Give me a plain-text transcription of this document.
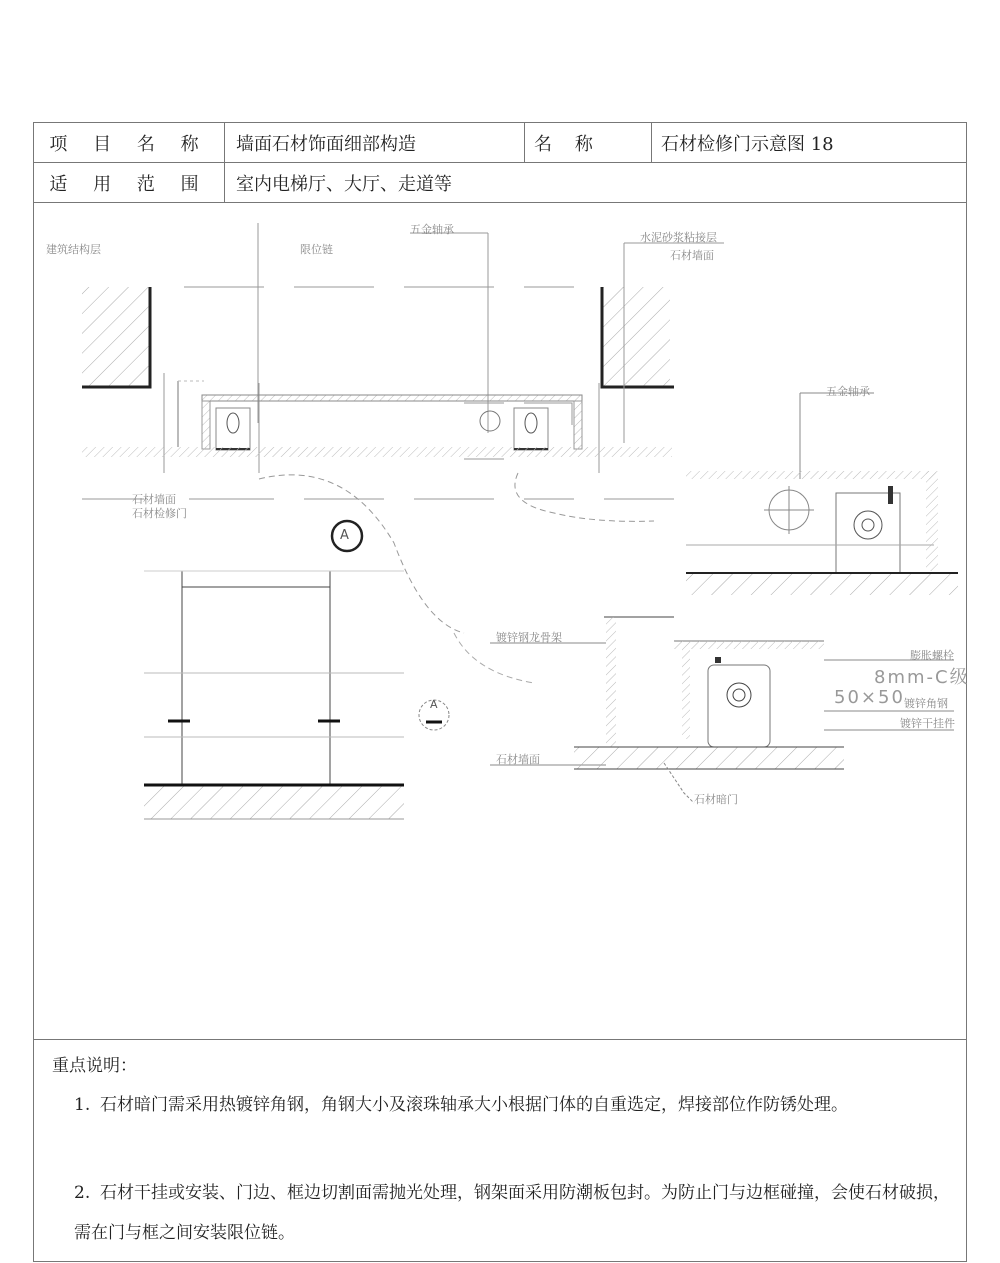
项 目 名 称	墙面石材饰面细部构造	名    称	石材检修门示意图 18
适 用 范 围	室内电梯厅、大厅、走道等
建筑结构层	限位链
五金轴承
水泥砂浆粘接层
石材墙面
石材墙面
石材检修门
A
A
五金轴承
镀锌钢龙骨架
石材墙面
膨胀螺栓
8mm-C级
50×50 镀锌角钢
镀锌干挂件
石材暗门
重点说明：
1. 石材暗门需采用热镀锌角钢，角钢大小及滚珠轴承大小根据门体的自重选定，焊接部位作防锈处理。
2. 石材干挂或安装、门边、框边切割面需抛光处理，钢架面采用防潮板包封。为防止门与边框碰撞，会使石材破损，需在门与框之间安装限位链。
